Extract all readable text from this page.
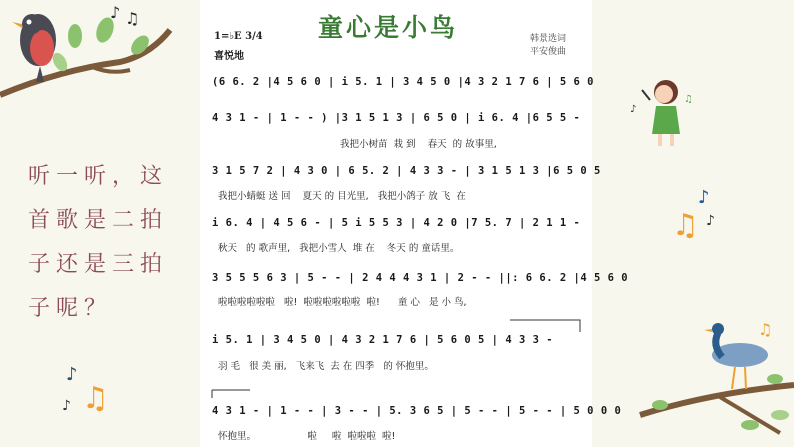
♪ ♫
听一听，这
首歌是二拍
子还是三拍
子呢？
♪
♫
♪
童心是小鸟
1=♭E 3/4
喜悦地
韩景选词
平安俊曲
(6 6. 2 |4 5 6 0 | i 5. 1 | 3 4 5 0 |4 3 2 1 7 6 | 5 6 0
4 3 1 - | 1 - - ) |3 1 5 1 3 | 6 5 0 | i 6. 4 |6 5 5 -
我把小树苗  栽 到    春天  的 故事里,
3 1 5 7 2 | 4 3 0 | 6 5. 2 | 4 3 3 - | 3 1 5 1 3 |6 5 0 5
我把小蜻蜓 送 回    夏天 的 目光里,   我把小鸽子 放 飞  在
i 6. 4 | 4 5 6 - | 5 i 5 5 3 | 4 2 0 |7 5. 7 | 2 1 1 -
秋天   的 歌声里,   我把小雪人  堆 在    冬天 的 童话里。
3 5 5 5 6 3 | 5 - - | 2 4 4 4 3 1 | 2 - - ||: 6 6. 2 |4 5 6 0
啦啦啦啦啦啦   啦!  啦啦啦啦啦啦  啦!      童 心   是 小 鸟,
i 5. 1 | 3 4 5 0 | 4 3 2 1 7 6 | 5 6 0 5 | 4 3 3 -
羽 毛   很 美 丽,   飞来飞  去 在 四季   的 怀抱里。
4 3 1 - | 1 - - | 3 - - | 5. 3 6 5 | 5 - - | 5 - - | 5 0 0 0
怀抱里。                 啦     啦  啦啦啦  啦!
♪
♫
♫
♪
♪
♫
